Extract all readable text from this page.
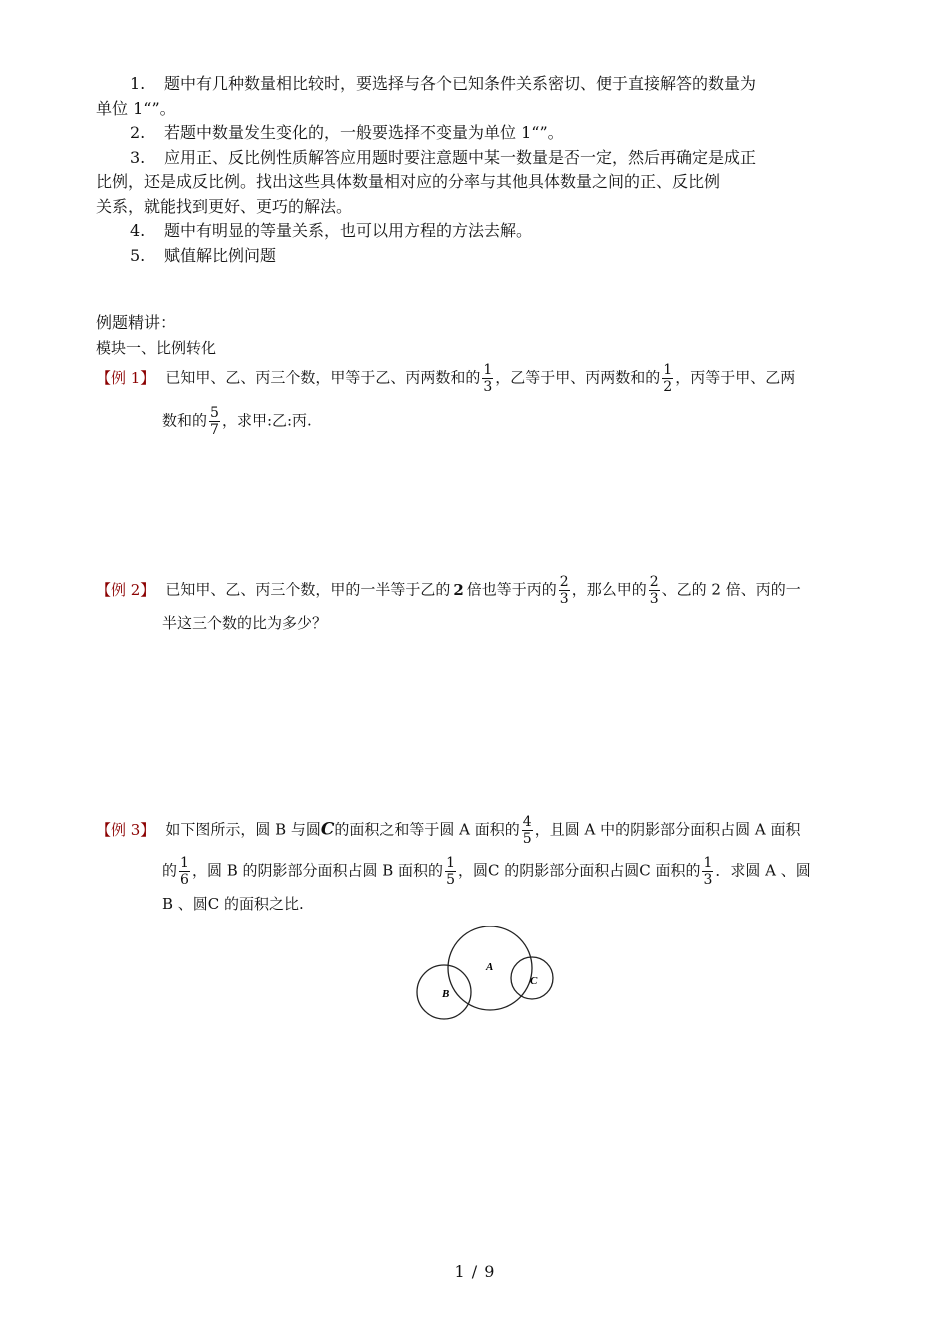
1. 题中有几种数量相比较时，要选择与各个已知条件关系密切、便于直接解答的数量为
单位 1“”。

2. 若题中数量发生变化的，一般要选择不变量为单位 1“”。

3. 应用正、反比例性质解答应用题时要注意题中某一数量是否一定，然后再确定是成正
比例，还是成反比例。找出这些具体数量相对应的分率与其他具体数量之间的正、反比例
关系，就能找到更好、更巧的解法。

4. 题中有明显的等量关系，也可以用方程的方法去解。

5. 赋值解比例问题

例题精讲：
模块一、比例转化
【例 1】 已知甲、乙、丙三个数，甲等于乙、丙两数和的 $\frac{1}{3}$ ，乙等于甲、丙两数和的 $\frac{1}{2}$ ，丙等于甲、乙两
数和的 $\frac{5}{7}$ ，求甲:乙:丙.
【例 2】 已知甲、乙、丙三个数，甲的一半等于乙的 2 倍也等于丙的 $\frac{2}{3}$ ，那么甲的 $\frac{2}{3}$ 、乙的 2 倍、丙的一
半这三个数的比为多少？
【例 3】 如下图所示，圆 B 与圆C的面积之和等于圆 A 面积的 $\frac{4}{5}$ ，且圆 A 中的阴影部分面积占圆 A 面积
的 $\frac{1}{6}$ ，圆 B 的阴影部分面积占圆 B 面积的 $\frac{1}{5}$ ，圆C 的阴影部分面积占圆C 面积的 $\frac{1}{3}$ ．求圆 A 、圆
B 、圆C 的面积之比.
A
B
C
1 / 9
